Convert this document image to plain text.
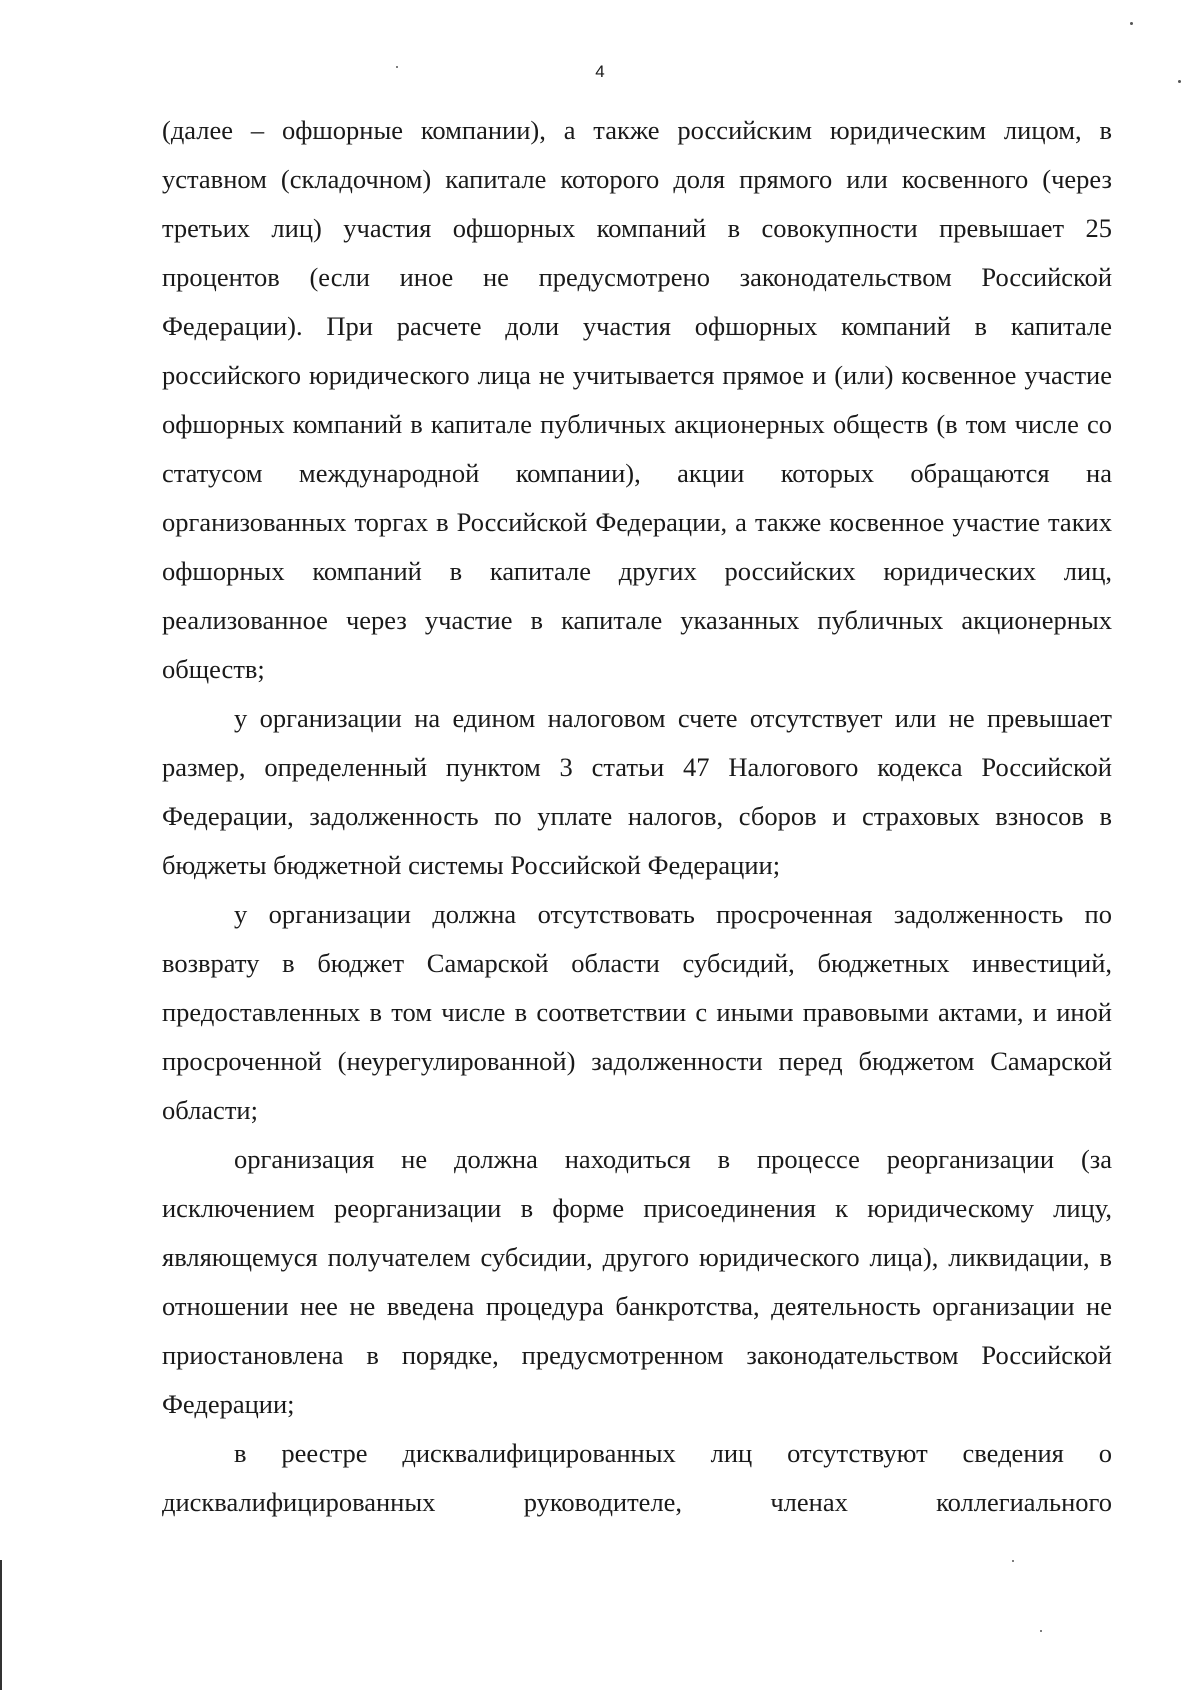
4

(далее – офшорные компании), а также российским юридическим лицом, в уставном (складочном) капитале которого доля прямого или косвенного (через третьих лиц) участия офшорных компаний в совокупности превышает 25 процентов (если иное не предусмотрено законодательством Российской Федерации). При расчете доли участия офшорных компаний в капитале российского юридического лица не учитывается прямое и (или) косвенное участие офшорных компаний в капитале публичных акционерных обществ (в том числе со статусом международной компании), акции которых обращаются на организованных торгах в Российской Федерации, а также косвенное участие таких офшорных компаний в капитале других российских юридических лиц, реализованное через участие в капитале указанных публичных акционерных обществ;

у организации на едином налоговом счете отсутствует или не превышает размер, определенный пунктом 3 статьи 47 Налогового кодекса Российской Федерации, задолженность по уплате налогов, сборов и страховых взносов в бюджеты бюджетной системы Российской Федерации;

у организации должна отсутствовать просроченная задолженность по возврату в бюджет Самарской области субсидий, бюджетных инвестиций, предоставленных в том числе в соответствии с иными правовыми актами, и иной просроченной (неурегулированной) задолженности перед бюджетом Самарской области;

организация не должна находиться в процессе реорганизации (за исключением реорганизации в форме присоединения к юридическому лицу, являющемуся получателем субсидии, другого юридического лица), ликвидации, в отношении нее не введена процедура банкротства, деятельность организации не приостановлена в порядке, предусмотренном законодательством Российской Федерации;

в реестре дисквалифицированных лиц отсутствуют сведения о дисквалифицированных руководителе, членах коллегиального
